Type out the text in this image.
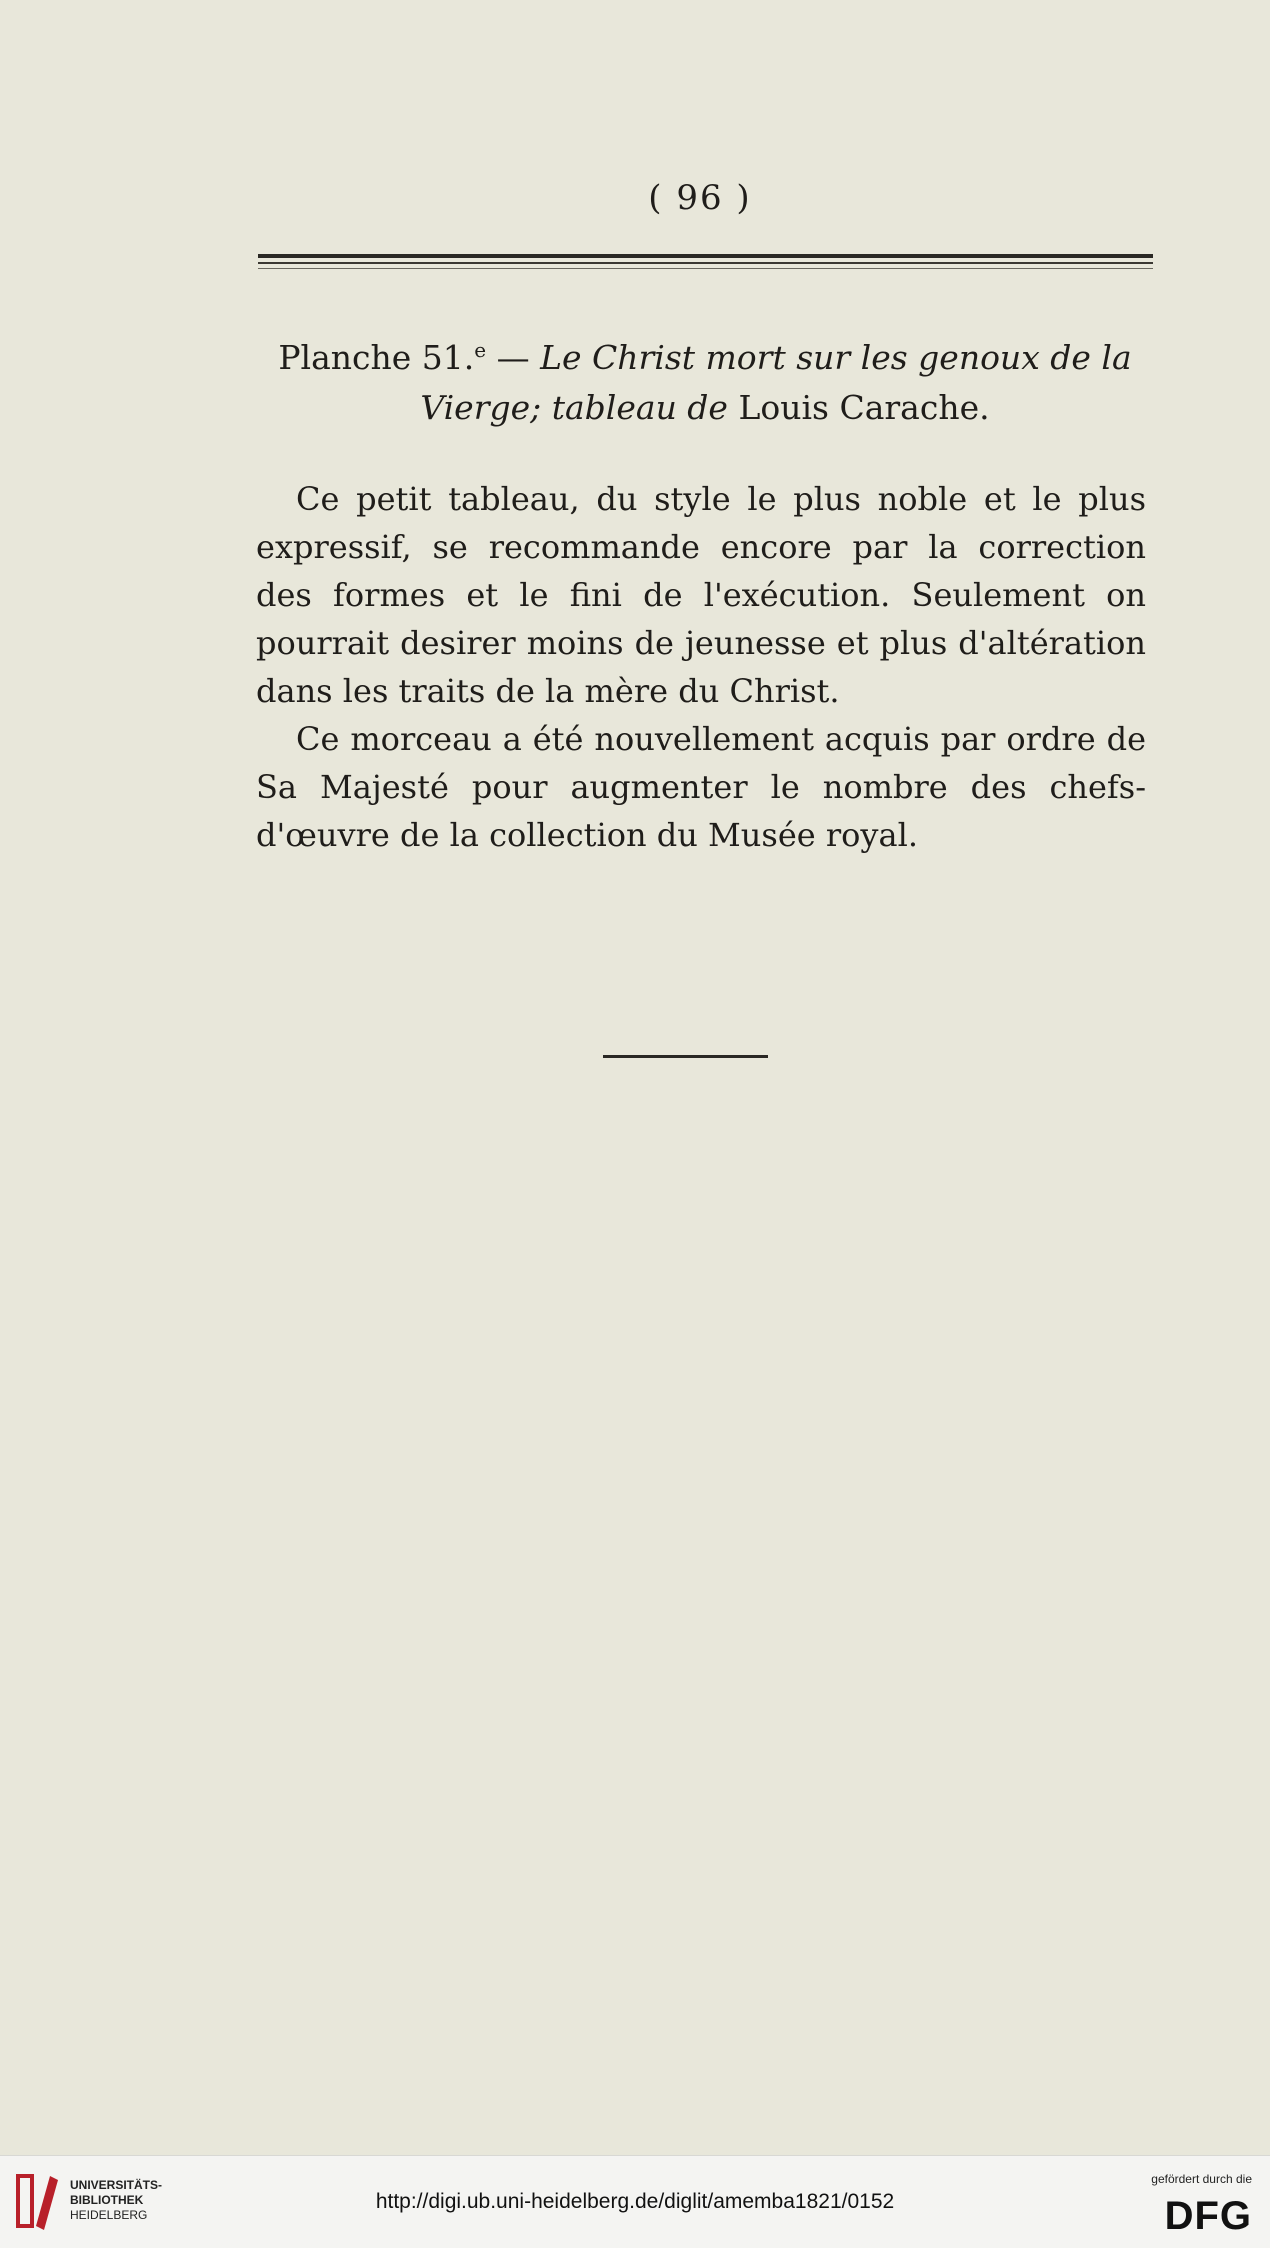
( 96 )
Planche 51.$^e$ — Le Christ mort sur les genoux de la Vierge; tableau de Louis Carache.

Ce petit tableau, du style le plus noble et le plus expressif, se recommande encore par la correction des formes et le fini de l'exécution. Seulement on pourrait desirer moins de jeunesse et plus d'altération dans les traits de la mère du Christ.

Ce morceau a été nouvellement acquis par ordre de Sa Majesté pour augmenter le nombre des chefs-d'œuvre de la collection du Musée royal.

UNIVERSITÄTS-
BIBLIOTHEK
HEIDELBERG
http://digi.ub.uni-heidelberg.de/diglit/amemba1821/0152
gefördert durch die
DFG
